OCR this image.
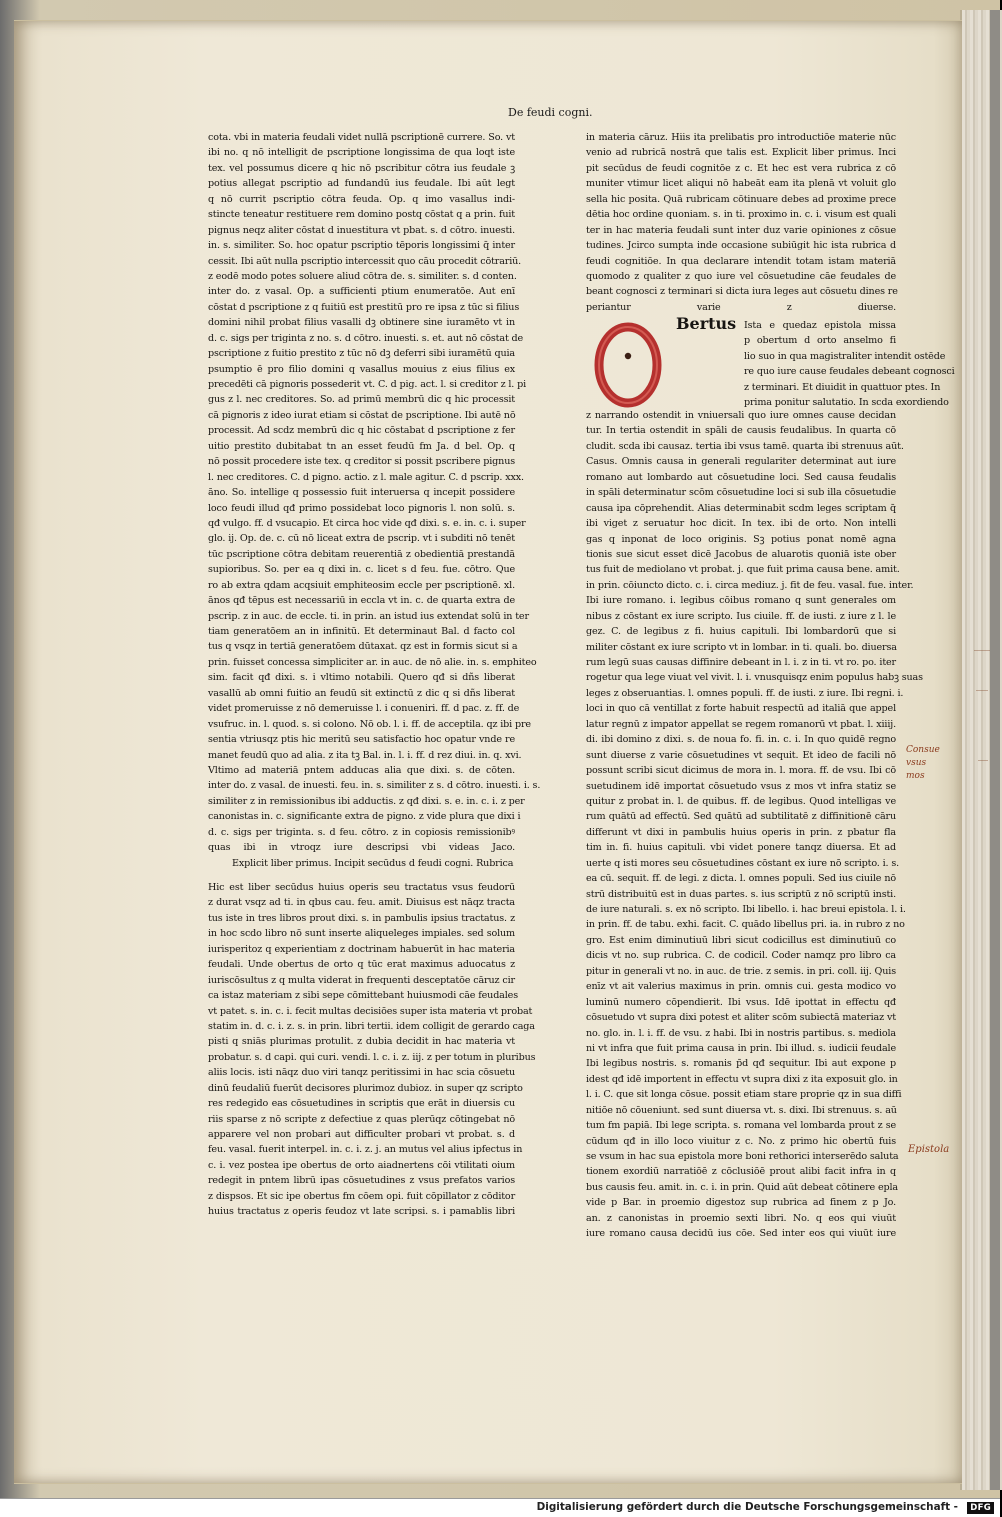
De feudi cogni.
cota. vbi in materia feudali videt nullā pscriptionē currere. So. vt
ibi no. q nō intelligit de pscriptione longissima de qua loqt iste
tex. vel possumus dicere q hic nō pscribitur cōtra ius feudale ꝫ
potius allegat pscriptio ad fundandū ius feudale. Ibi aūt legt
q nō currit pscriptio cōtra feuda. Op. q imo vasallus indi-
stincte teneatur restituere rem domino postq cōstat q a prin. fuit
pignus neqz aliter cōstat d inuestitura vt pbat. s. d cōtro. inuesti.
in. s. similiter. So. hoc opatur pscriptio tēporis longissimi q̄ inter
cessit. Ibi aūt nulla pscriptio intercessit quo cāu procedit cōtrariū.
z eodē modo potes soluere aliud cōtra de. s. similiter. s. d conten.
inter do. z vasal. Op. a sufficienti ptium enumeratōe. Aut enī
cōstat d pscriptione z q fuitiū est prestitū pro re ipsa z tūc si filius
domini nihil probat filius vasalli dꝫ obtinere sine iuramēto vt in
d. c. sigs per triginta z no. s. d cōtro. inuesti. s. et. aut nō cōstat de
pscriptione z fuitio prestito z tūc nō dꝫ deferri sibi iuramētū quia
psumptio ē pro filio domini q vasallus mouius z eius filius ex
precedēti cā pignoris possederit vt. C. d pig. act. l. si creditor z l. pi
gus z l. nec creditores. So. ad primū membrū dic q hic processit
cā pignoris z ideo iurat etiam si cōstat de pscriptione. Ibi autē nō
processit. Ad scdz membrū dic q hic cōstabat d pscriptione z fer
uitio prestito dubitabat tn an esset feudū fm Ja. d bel. Op. q
nō possit procedere iste tex. q creditor si possit pscribere pignus
l. nec creditores. C. d pigno. actio. z l. male agitur. C. d pscrip. xxx.
āno. So. intellige q possessio fuit interuersa q incepit possidere
loco feudi illud qđ primo possidebat loco pignoris l. non solū. s.
qđ vulgo. ff. d vsucapio. Et circa hoc vide qđ dixi. s. e. in. c. i. super
glo. ij. Op. de. c. cū nō liceat extra de pscrip. vt i subditi nō tenēt
tūc pscriptione cōtra debitam reuerentiā z obedientiā prestandā
supioribus. So. per ea q dixi in. c. licet s d feu. fue. cōtro. Que
ro ab extra qdam acqsiuit emphiteosim eccle per pscriptionē. xl.
ānos qđ tēpus est necessariū in eccla vt in. c. de quarta extra de
pscrip. z in auc. de eccle. ti. in prin. an istud ius extendat solū in ter
tiam generatōem an in infinitū. Et determinaut Bal. d facto col
tus q vsqz in tertiā generatōem dūtaxat. qz est in formis sicut si a
prin. fuisset concessa simpliciter ar. in auc. de nō alie. in. s. emphiteo
sim. facit qđ dixi. s. i vltimo notabili. Quero qđ si dñs liberat
vasallū ab omni fuitio an feudū sit extinctū z dic q si dñs liberat
videt promeruisse z nō demeruisse l. i conueniri. ff. d pac. z. ff. de
vsufruc. in. l. quod. s. si colono. Nō ob. l. i. ff. de acceptila. qz ibi pre
sentia vtriusqz ptis hic meritū seu satisfactio hoc opatur vnde re
manet feudū quo ad alia. z ita tꝫ Bal. in. l. i. ff. d rez diui. in. q. xvi.
Vltimo ad materiā pntem adducas alia que dixi. s. de cōten.
inter do. z vasal. de inuesti. feu. in. s. similiter z s. d cōtro. inuesti. i. s.
similiter z in remissionibus ibi adductis. z qđ dixi. s. e. in. c. i. z per
canonistas in. c. significante extra de pigno. z vide plura que dixi i
d. c. sigs per triginta. s. d feu. cōtro. z in copiosis remissionibꝰ
quas ibi in vtroqz iure descripsi vbi videas Jaco.
Explicit liber primus. Incipit secūdus d feudi cogni. Rubrica
Hic est liber secūdus huius operis seu tractatus vsus feudorū
z durat vsqz ad ti. in qbus cau. feu. amit. Diuisus est nāqz tracta
tus iste in tres libros prout dixi. s. in pambulis ipsius tractatus. z
in hoc scdo libro nō sunt inserte aliqueleges impiales. sed solum
iurisperitoz q experientiam z doctrinam habuerūt in hac materia
feudali. Unde obertus de orto q tūc erat maximus aduocatus z
iuriscōsultus z q multa viderat in frequenti desceptatōe cāruz cir
ca istaz materiam z sibi sepe cōmittebant huiusmodi cāe feudales
vt patet. s. in. c. i. fecit multas decisiōes super ista materia vt probat
statim in. d. c. i. z. s. in prin. libri tertii. idem colligit de gerardo caga
pisti q sniās plurimas protulit. z dubia decidit in hac materia vt
probatur. s. d capi. qui curi. vendi. l. c. i. z. iij. z per totum in pluribus
aliis locis. isti nāqz duo viri tanqz peritissimi in hac scia cōsuetu
dinū feudaliū fuerūt decisores plurimoz dubioz. in super qz scripto
res redegido eas cōsuetudines in scriptis que erāt in diuersis cu
riis sparse z nō scripte z defectiue z quas plerūqz cōtingebat nō
apparere vel non probari aut difficulter probari vt probat. s. d
feu. vasal. fuerit interpel. in. c. i. z. j. an mutus vel alius ipfectus in
c. i. vez postea ipe obertus de orto aiadnertens cōi vtilitati oium
redegit in pntem librū ipas cōsuetudines z vsus prefatos varios
z dispsos. Et sic ipe obertus fm cōem opi. fuit cōpillator z cōditor
huius tractatus z operis feudoz vt late scripsi. s. i pamablis libri
in materia cāruz. Hiis ita prelibatis pro introductiōe materie nūc
venio ad rubricā nostrā que talis est. Explicit liber primus. Inci
pit secūdus de feudi cognitōe z c. Et hec est vera rubrica z cō
muniter vtimur licet aliqui nō habeāt eam ita plenā vt voluit glo
sella hic posita. Quā rubricam cōtinuare debes ad proxime prece
dētia hoc ordine quoniam. s. in ti. proximo in. c. i. visum est quali
ter in hac materia feudali sunt inter duz varie opiniones z cōsue
tudines. Jcirco sumpta inde occasione subiūgit hic ista rubrica d
feudi cognitiōe. In qua declarare intendit totam istam materiā
quomodo z qualiter z quo iure vel cōsuetudine cāe feudales de
beant cognosci z terminari si dicta iura leges aut cōsuetu dines re
periantur varie z diuerse.
Bertus Ista e quedaz epistola missa
p obertum d orto anselmo fi
lio suo in qua magistraliter intendit ostēde
re quo iure cause feudales debeant cognosci
z terminari. Et diuidit in quattuor ptes. In
prima ponitur salutatio. In scda exordiendo
z narrando ostendit in vniuersali quo iure omnes cause decidan
tur. In tertia ostendit in spāli de causis feudalibus. In quarta cō
cludit. scda ibi causaz. tertia ibi vsus tamē. quarta ibi strenuus aūt.
Casus. Omnis causa in generali regulariter determinat aut iure
romano aut lombardo aut cōsuetudine loci. Sed causa feudalis
in spāli determinatur scōm cōsuetudine loci si sub illa cōsuetudie
causa ipa cōprehendit. Alias determinabit scdm leges scriptam q̄
ibi viget z seruatur hoc dicit. In tex. ibi de orto. Non intelli
gas q inponat de loco originis. Sꝫ potius ponat nomē agna
tionis sue sicut esset dicē Jacobus de aluarotis quoniā iste ober
tus fuit de mediolano vt probat. j. que fuit prima causa bene. amit.
in prin. cōiuncto dicto. c. i. circa mediuz. j. fit de feu. vasal. fue. inter.
Ibi iure romano. i. legibus cōibus romano q sunt generales om
nibus z cōstant ex iure scripto. Ius ciuile. ff. de iusti. z iure z l. le
gez. C. de legibus z fi. huius capituli. Ibi lombardorū que si
militer cōstant ex iure scripto vt in lombar. in ti. quali. bo. diuersa
rum legū suas causas diffinire debeant in l. i. z in ti. vt ro. po. iter
rogetur qua lege viuat vel vivit. l. i. vnusquisqz enim populus habꝫ suas
leges z obseruantias. l. omnes populi. ff. de iusti. z iure. Ibi regni. i.
loci in quo cā ventillat z forte habuit respectū ad italiā que appel
latur regnū z impator appellat se regem romanorū vt pbat. l. xiiij.
di. ibi domino z dixi. s. de noua fo. fi. in. c. i. In quo quidē regno
sunt diuerse z varie cōsuetudines vt sequit. Et ideo de facili nō
possunt scribi sicut dicimus de mora in. l. mora. ff. de vsu. Ibi cō
suetudinem idē importat cōsuetudo vsus z mos vt infra statiz se
quitur z probat in. l. de quibus. ff. de legibus. Quod intelligas ve
rum quātū ad effectū. Sed quātū ad subtilitatē z diffinitionē cāru
differunt vt dixi in pambulis huius operis in prin. z pbatur fla
tim in. fi. huius capituli. vbi videt ponere tanqz diuersa. Et ad
uerte q isti mores seu cōsuetudines cōstant ex iure nō scripto. i. s.
ea cū. sequit. ff. de legi. z dicta. l. omnes populi. Sed ius ciuile nō
strū distribuitū est in duas partes. s. ius scriptū z nō scriptū insti.
de iure naturali. s. ex nō scripto. Ibi libello. i. hac breui epistola. l. i.
in prin. ff. de tabu. exhi. facit. C. quādo libellus pri. ia. in rubro z no
gro. Est enim diminutiuū libri sicut codicillus est diminutiuū co
dicis vt no. sup rubrica. C. de codicil. Coder namqz pro libro ca
pitur in generali vt no. in auc. de trie. z semis. in pri. coll. iij. Quis
enīz vt ait valerius maximus in prin. omnis cui. gesta modico vo
luminū numero cōpendierit. Ibi vsus. Idē ipottat in effectu qđ
cōsuetudo vt supra dixi potest et aliter scōm subiectā materiaz vt
no. glo. in. l. i. ff. de vsu. z habi. Ibi in nostris partibus. s. mediola
ni vt infra que fuit prima causa in prin. Ibi illud. s. iudicii feudale
Ibi legibus nostris. s. romanis p̄d qđ sequitur. Ibi aut expone p
idest qđ idē importent in effectu vt supra dixi z ita exposuit glo. in
l. i. C. que sit longa cōsue. possit etiam stare proprie qz in sua diffi
nitiōe nō cōueniunt. sed sunt diuersa vt. s. dixi. Ibi strenuus. s. aū
tum fm papiā. Ibi lege scripta. s. romana vel lombarda prout z se
cūdum qđ in illo loco viuitur z c. No. z primo hic obertū fuis
se vsum in hac sua epistola more boni rethorici interserēdo saluta
tionem exordiū narratiōē z cōclusiōē prout alibi facit infra in q
bus causis feu. amit. in. c. i. in prin. Quid aūt debeat cōtinere epla
vide p Bar. in proemio digestoz sup rubrica ad finem z p Jo.
an. z canonistas in proemio sexti libri. No. q eos qui viuūt
iure romano causa decidū ius cōe. Sed inter eos qui viuūt iure
Consue
vsus
mos
Epistola
Digitalisierung gefördert durch die Deutsche Forschungsgemeinschaft -	DFG
